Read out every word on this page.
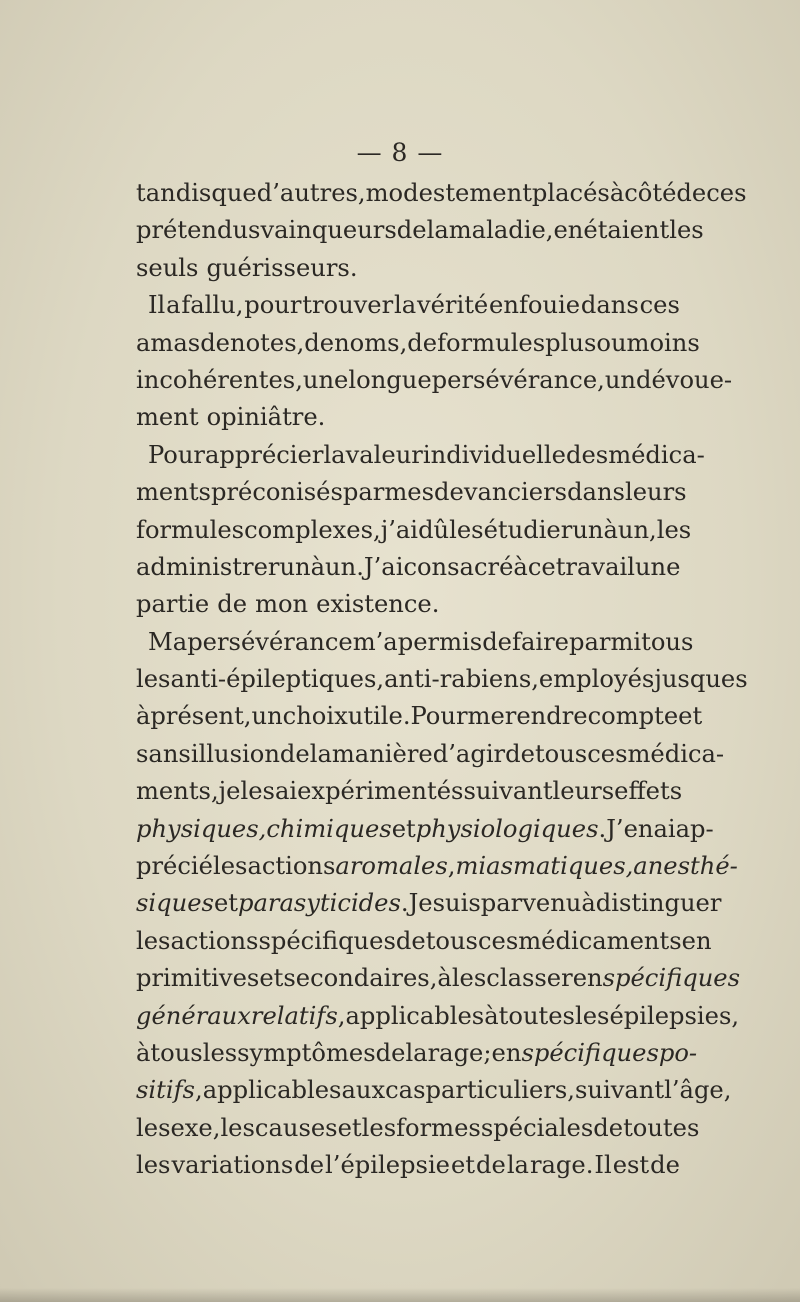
— 8 —
tandis que d’autres, modestement placés à côté de ces
prétendus vainqueurs de la maladie, en étaient les
seuls guérisseurs.
Il a fallu, pour trouver la vérité enfouie dans ces
amas de notes, de noms, de formules plus ou moins
incohérentes, une longue persévérance, un dévoue-
ment opiniâtre.
Pour apprécier la valeur individuelle des médica-
ments préconisés par mes devanciers dans leurs
formules complexes, j’ai dû les étudier un à un, les
administrer un à un. J’ai consacré à ce travail une
partie de mon existence.
Ma persévérance m’a permis de faire parmi tous
les anti-épileptiques, anti-rabiens, employés jusques
à présent, un choix utile. Pour me rendre compte et
sans illusion de la manière d’agir de tous ces médica-
ments, je les ai expérimentés suivant leurs effets
physiques, chimiques et physiologiques . J’en ai ap-
précié les actions aromales , miasmatiques, anesthé-
siques et parasyticides . Je suis parvenu à distinguer
les actions spécifiques de tous ces médicaments en
primitives et secondaires, à les classer en spécifiques
généraux relatifs , applicables à toutes les épilepsies,
à tous les symptômes de la rage ; en spécifiques po-
sitifs , applicables aux cas particuliers, suivant l’âge,
le sexe, les causes et les formes spéciales de toutes
les variations de l’épilepsie et de la rage. Il est de
